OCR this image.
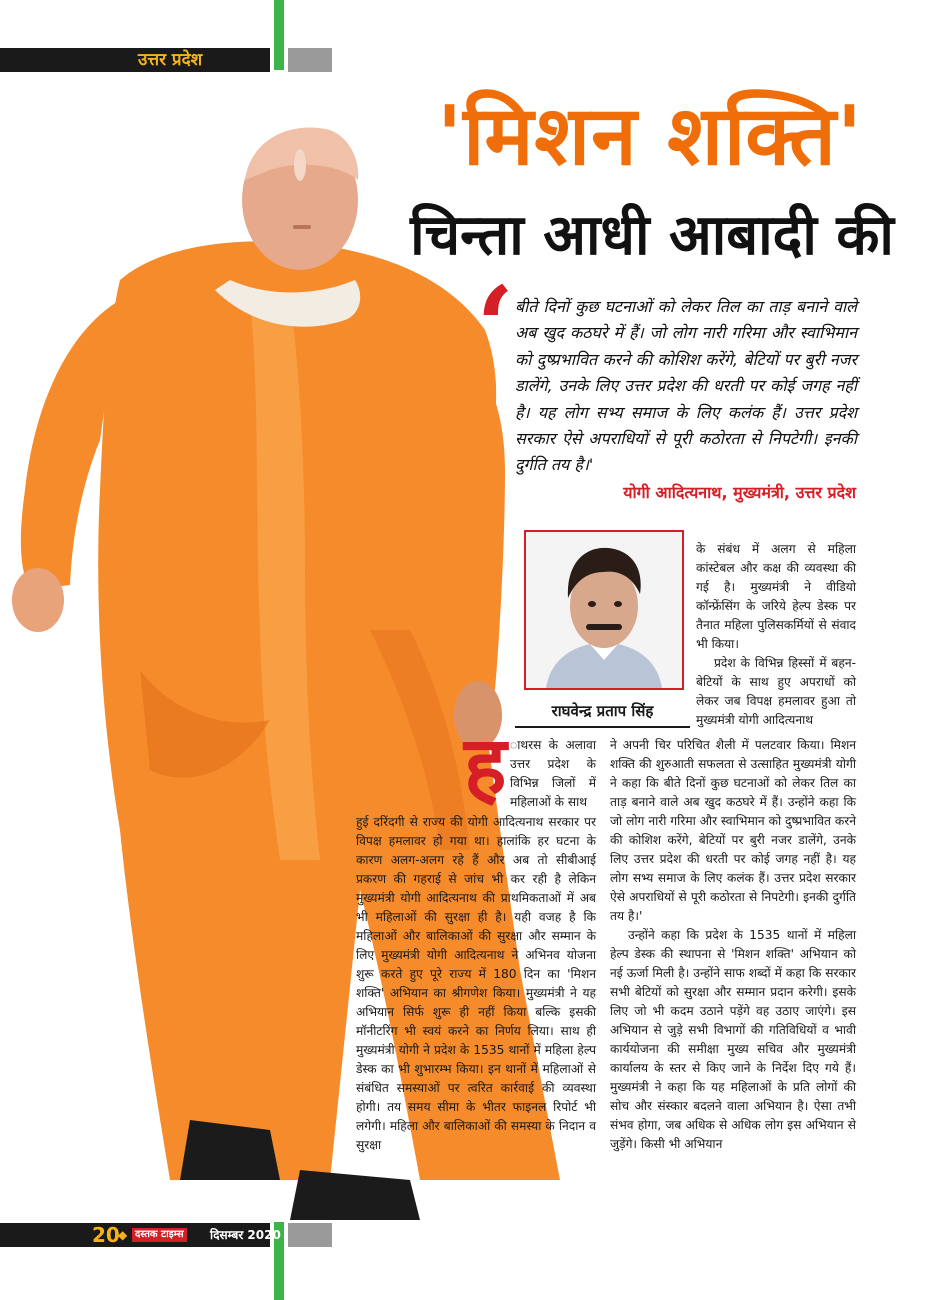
उत्तर प्रदेश
'मिशन शक्ति'
चिन्ता आधी आबादी की
‘ बीते दिनों कुछ घटनाओं को लेकर तिल का ताड़ बनाने वाले अब खुद कठघरे में हैं। जो लोग नारी गरिमा और स्वाभिमान को दुष्प्रभावित करने की कोशिश करेंगे, बेटियों पर बुरी नजर डालेंगे, उनके लिए उत्तर प्रदेश की धरती पर कोई जगह नहीं है। यह लोग सभ्य समाज के लिए कलंक हैं। उत्तर प्रदेश सरकार ऐसे अपराधियों से पूरी कठोरता से निपटेगी। इनकी दुर्गति तय है।'
योगी आदित्यनाथ, मुख्यमंत्री, उत्तर प्रदेश
राघवेन्द्र प्रताप सिंह

के संबंध में अलग से महिला कांस्टेबल और कक्ष की व्यवस्था की गई है। मुख्यमंत्री ने वीडियो कॉन्फ्रेंसिंग के जरिये हेल्प डेस्क पर तैनात महिला पुलिसकर्मियों से संवाद भी किया।

प्रदेश के विभिन्न हिस्सों में बहन-बेटियों के साथ हुए अपराधों को लेकर जब विपक्ष हमलावर हुआ तो मुख्यमंत्री योगी आदित्यनाथ

ह ाथरस के अलावा उत्तर प्रदेश के विभिन्न जिलों में महिलाओं के साथ
हुई दरिंदगी से राज्य की योगी आदित्यनाथ सरकार पर विपक्ष हमलावर हो गया था। हालांकि हर घटना के कारण अलग-अलग रहे हैं और अब तो सीबीआई प्रकरण की गहराई से जांच भी कर रही है लेकिन मुख्यमंत्री योगी आदित्यनाथ की प्राथमिकताओं में अब भी महिलाओं की सुरक्षा ही है। यही वजह है कि महिलाओं और बालिकाओं की सुरक्षा और सम्मान के लिए मुख्यमंत्री योगी आदित्यनाथ ने अभिनव योजना शुरू करते हुए पूरे राज्य में 180 दिन का 'मिशन शक्ति' अभियान का श्रीगणेश किया। मुख्यमंत्री ने यह अभियान सिर्फ शुरू ही नहीं किया बल्कि इसकी मॉनीटरिंग भी स्वयं करने का निर्णय लिया। साथ ही मुख्यमंत्री योगी ने प्रदेश के 1535 थानों में महिला हेल्प डेस्क का भी शुभारम्भ किया। इन थानों में महिलाओं से संबंधित समस्याओं पर त्वरित कार्रवाई की व्यवस्था होगी। तय समय सीमा के भीतर फाइनल रिपोर्ट भी लगेगी। महिला और बालिकाओं की समस्या के निदान व सुरक्षा

ने अपनी चिर परिचित शैली में पलटवार किया। मिशन शक्ति की शुरुआती सफलता से उत्साहित मुख्यमंत्री योगी ने कहा कि बीते दिनों कुछ घटनाओं को लेकर तिल का ताड़ बनाने वाले अब खुद कठघरे में हैं। उन्होंने कहा कि जो लोग नारी गरिमा और स्वाभिमान को दुष्प्रभावित करने की कोशिश करेंगे, बेटियों पर बुरी नजर डालेंगे, उनके लिए उत्तर प्रदेश की धरती पर कोई जगह नहीं है। यह लोग सभ्य समाज के लिए कलंक हैं। उत्तर प्रदेश सरकार ऐसे अपराधियों से पूरी कठोरता से निपटेगी। इनकी दुर्गति तय है।'

उन्होंने कहा कि प्रदेश के 1535 थानों में महिला हेल्प डेस्क की स्थापना से 'मिशन शक्ति' अभियान को नई ऊर्जा मिली है। उन्होंने साफ शब्दों में कहा कि सरकार सभी बेटियों को सुरक्षा और सम्मान प्रदान करेगी। इसके लिए जो भी कदम उठाने पड़ेंगे वह उठाए जाएंगे। इस अभियान से जुड़े सभी विभागों की गतिविधियों व भावी कार्ययोजना की समीक्षा मुख्य सचिव और मुख्यमंत्री कार्यालय के स्तर से किए जाने के निर्देश दिए गये हैं। मुख्यमंत्री ने कहा कि यह महिलाओं के प्रति लोगों की सोच और संस्कार बदलने वाला अभियान है। ऐसा तभी संभव होगा, जब अधिक से अधिक लोग इस अभियान से जुड़ेंगे। किसी भी अभियान

20
◆ दस्तक टाइम्स दिसम्बर 2020
